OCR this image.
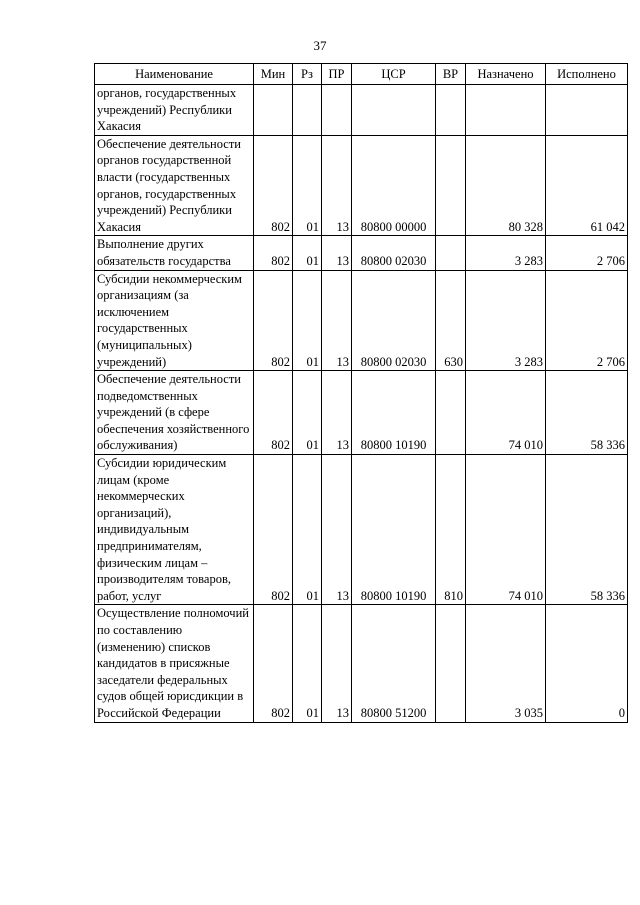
37
Наименование	Мин	Рз	ПР	ЦСР	ВР	Назначено	Исполнено
органов, государственных учреждений) Республики Хакасия							
Обеспечение деятельности органов государственной власти (государственных органов, государственных учреждений) Республики Хакасия	802	01	13	80800 00000		80 328	61 042
Выполнение других обязательств государства	802	01	13	80800 02030		3 283	2 706
Субсидии некоммерческим организациям (за исключением государственных (муниципальных) учреждений)	802	01	13	80800 02030	630	3 283	2 706
Обеспечение деятельности подведомственных учреждений (в сфере обеспечения хозяйственного обслуживания)	802	01	13	80800 10190		74 010	58 336
Субсидии юридическим лицам (кроме некоммерческих организаций), индивидуальным предпринимателям, физическим лицам – производителям товаров, работ, услуг	802	01	13	80800 10190	810	74 010	58 336
Осуществление полномочий по составлению (изменению) списков кандидатов в присяжные заседатели федеральных судов общей юрисдикции в Российской Федерации	802	01	13	80800 51200		3 035	0
